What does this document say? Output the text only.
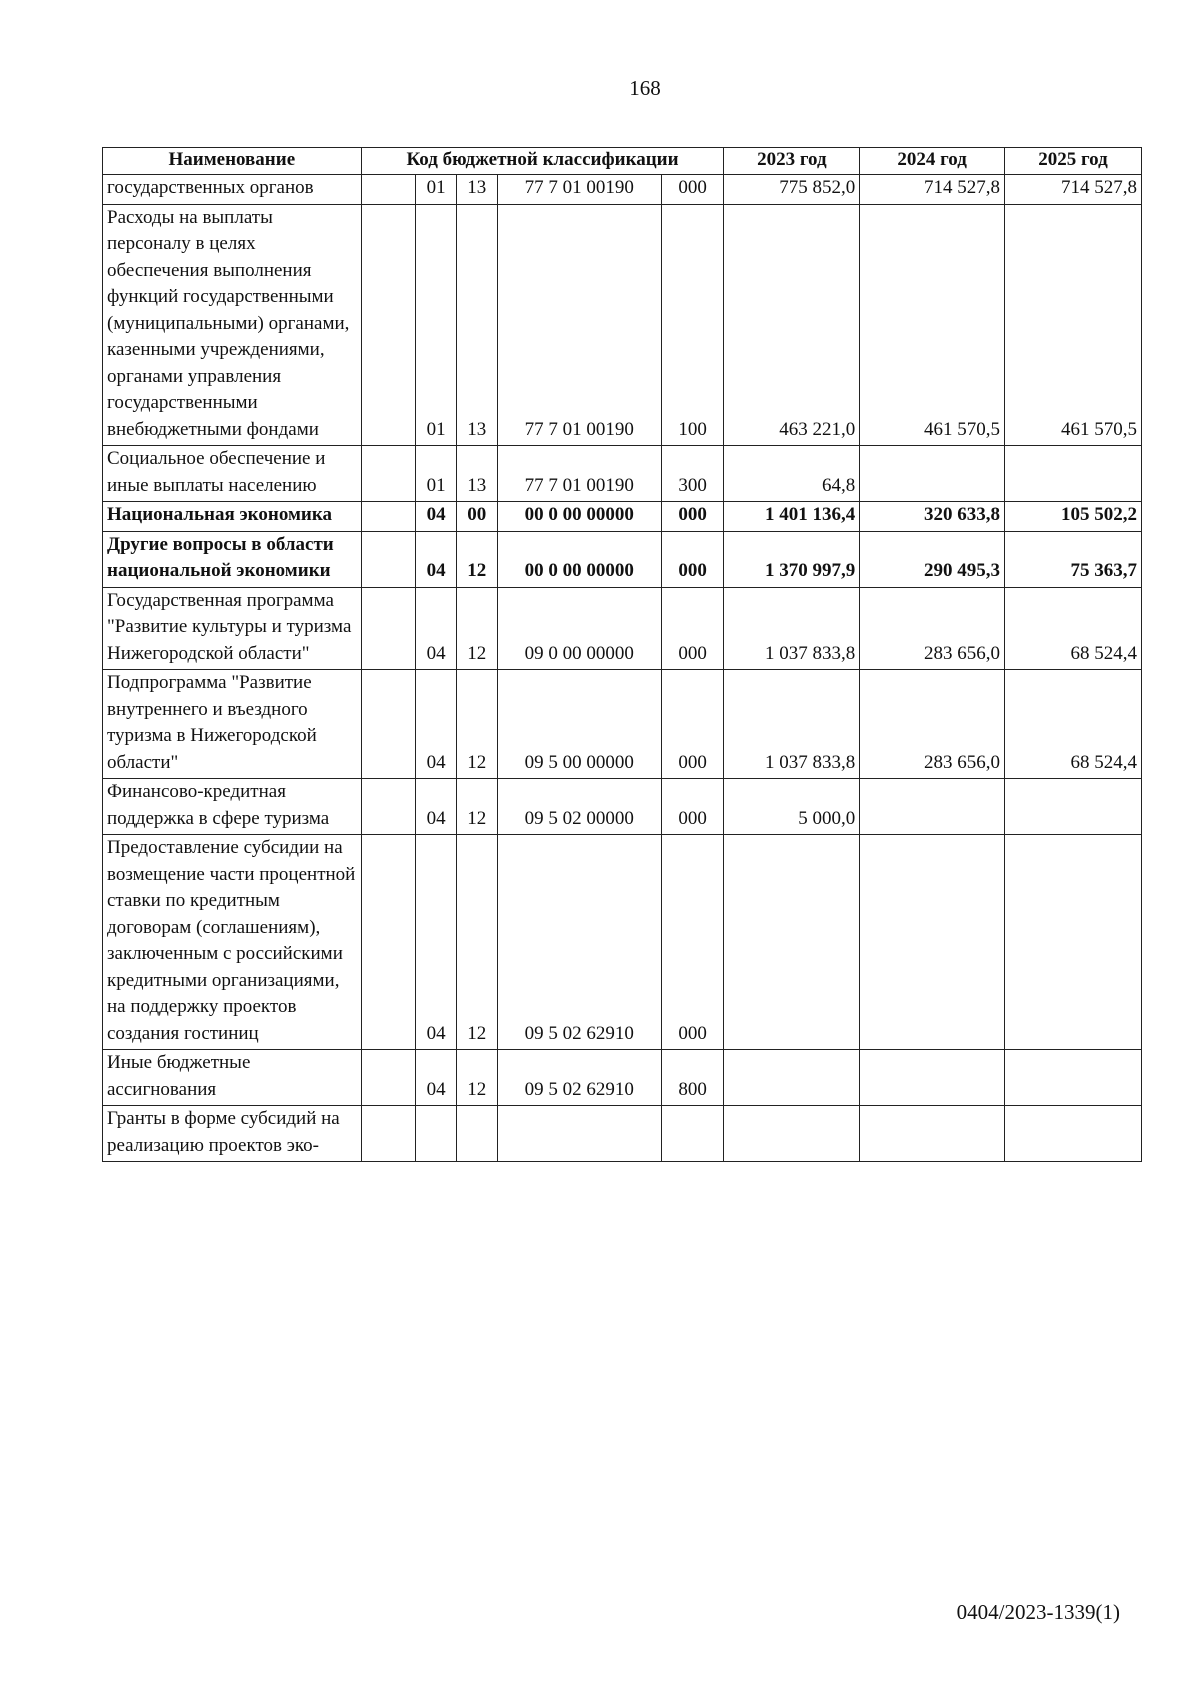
168
Наименование	Код бюджетной классификации					2023 год	2024 год	2025 год
государственных органов		01	13	77 7 01 00190	000	775 852,0	714 527,8	714 527,8
Расходы на выплаты персоналу в целях обеспечения выполнения функций государственными (муниципальными) органами, казенными учреждениями, органами управления государственными внебюджетными фондами		01	13	77 7 01 00190	100	463 221,0	461 570,5	461 570,5
Социальное обеспечение и иные выплаты населению		01	13	77 7 01 00190	300	64,8		
Национальная экономика		04	00	00 0 00 00000	000	1 401 136,4	320 633,8	105 502,2
Другие вопросы в области национальной экономики		04	12	00 0 00 00000	000	1 370 997,9	290 495,3	75 363,7
Государственная программа "Развитие культуры и туризма Нижегородской области"		04	12	09 0 00 00000	000	1 037 833,8	283 656,0	68 524,4
Подпрограмма "Развитие внутреннего и въездного туризма в Нижегородской области"		04	12	09 5 00 00000	000	1 037 833,8	283 656,0	68 524,4
Финансово-кредитная поддержка в сфере туризма		04	12	09 5 02 00000	000	5 000,0		
Предоставление субсидии на возмещение части процентной ставки по кредитным договорам (соглашениям), заключенным с российскими кредитными организациями, на поддержку проектов создания гостиниц		04	12	09 5 02 62910	000			
Иные бюджетные ассигнования		04	12	09 5 02 62910	800			
Гранты в форме субсидий на реализацию проектов эко-								
0404/2023-1339(1)
